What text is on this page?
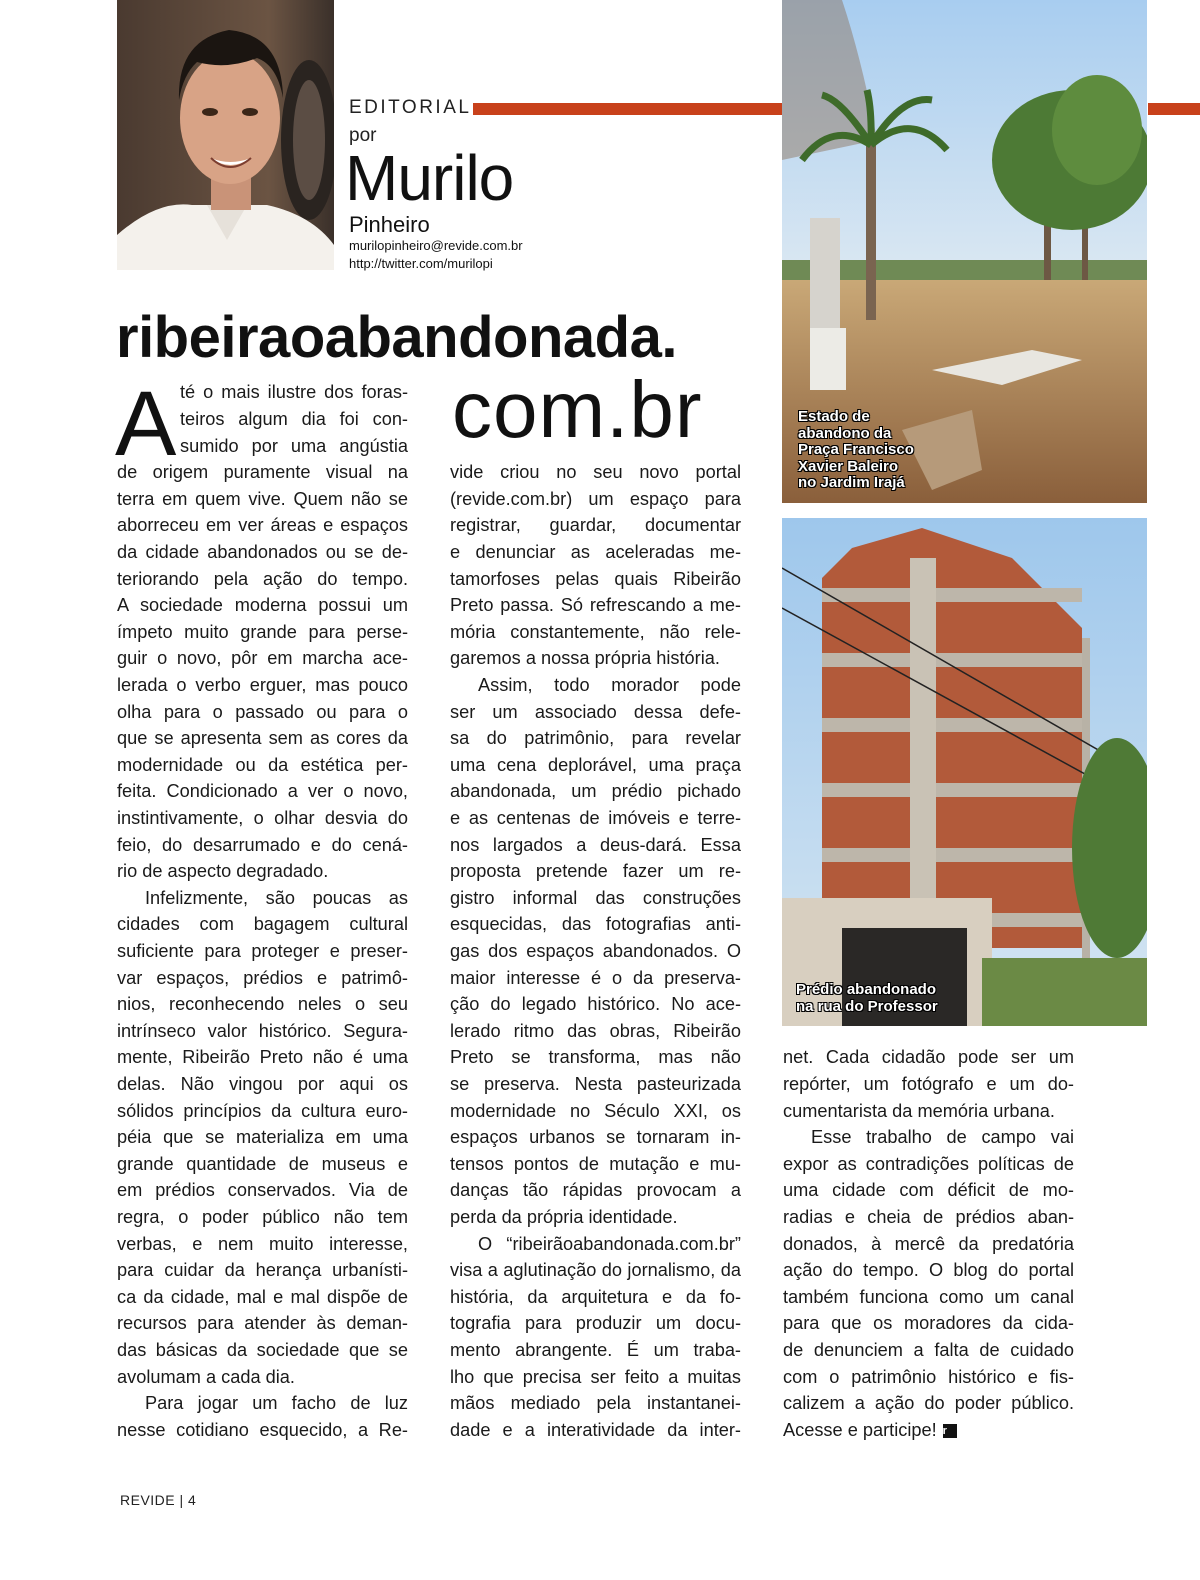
EDITORIAL
por
Murilo
Pinheiro
murilopinheiro@revide.com.br
http://twitter.com/murilopi
ribeiraoabandonada.
com.br
A té o mais ilustre dos foras-
teiros algum dia foi con-
sumido por uma angústia
de origem puramente visual na
terra em quem vive. Quem não se
aborreceu em ver áreas e espaços
da cidade abandonados ou se de-
teriorando pela ação do tempo.
A sociedade moderna possui um
ímpeto muito grande para perse-
guir o novo, pôr em marcha ace-
lerada o verbo erguer, mas pouco
olha para o passado ou para o
que se apresenta sem as cores da
modernidade ou da estética per-
feita. Condicionado a ver o novo,
instintivamente, o olhar desvia do
feio, do desarrumado e do cená-
rio de aspecto degradado.
Infelizmente, são poucas as
cidades com bagagem cultural
suficiente para proteger e preser-
var espaços, prédios e patrimô-
nios, reconhecendo neles o seu
intrínseco valor histórico. Segura-
mente, Ribeirão Preto não é uma
delas. Não vingou por aqui os
sólidos princípios da cultura euro-
péia que se materializa em uma
grande quantidade de museus e
em prédios conservados. Via de
regra, o poder público não tem
verbas, e nem muito interesse,
para cuidar da herança urbanísti-
ca da cidade, mal e mal dispõe de
recursos para atender às deman-
das básicas da sociedade que se
avolumam a cada dia.
Para jogar um facho de luz
nesse cotidiano esquecido, a Re-
vide criou no seu novo portal
(revide.com.br) um espaço para
registrar, guardar, documentar
e denunciar as aceleradas me-
tamorfoses pelas quais Ribeirão
Preto passa. Só refrescando a me-
mória constantemente, não rele-
garemos a nossa própria história.
Assim, todo morador pode
ser um associado dessa defe-
sa do patrimônio, para revelar
uma cena deplorável, uma praça
abandonada, um prédio pichado
e as centenas de imóveis e terre-
nos largados a deus-dará. Essa
proposta pretende fazer um re-
gistro informal das construções
esquecidas, das fotografias anti-
gas dos espaços abandonados. O
maior interesse é o da preserva-
ção do legado histórico. No ace-
lerado ritmo das obras, Ribeirão
Preto se transforma, mas não
se preserva. Nesta pasteurizada
modernidade no Século XXI, os
espaços urbanos se tornaram in-
tensos pontos de mutação e mu-
danças tão rápidas provocam a
perda da própria identidade.
O “ribeirãoabandonada.com.br”
visa a aglutinação do jornalismo, da
história, da arquitetura e da fo-
tografia para produzir um docu-
mento abrangente. É um traba-
lho que precisa ser feito a muitas
mãos mediado pela instantanei-
dade e a interatividade da inter-
Estado de
abandono da
Praça Francisco
Xavier Baleiro
no Jardim Irajá
Prédio abandonado
na rua do Professor
net. Cada cidadão pode ser um
repórter, um fotógrafo e um do-
cumentarista da memória urbana.
Esse trabalho de campo vai
expor as contradições políticas de
uma cidade com déficit de mo-
radias e cheia de prédios aban-
donados, à mercê da predatória
ação do tempo. O blog do portal
também funciona como um canal
para que os moradores da cida-
de denunciem a falta de cuidado
com o patrimônio histórico e fis-
calizem a ação do poder público.
Acesse e participe! r
REVIDE | 4
